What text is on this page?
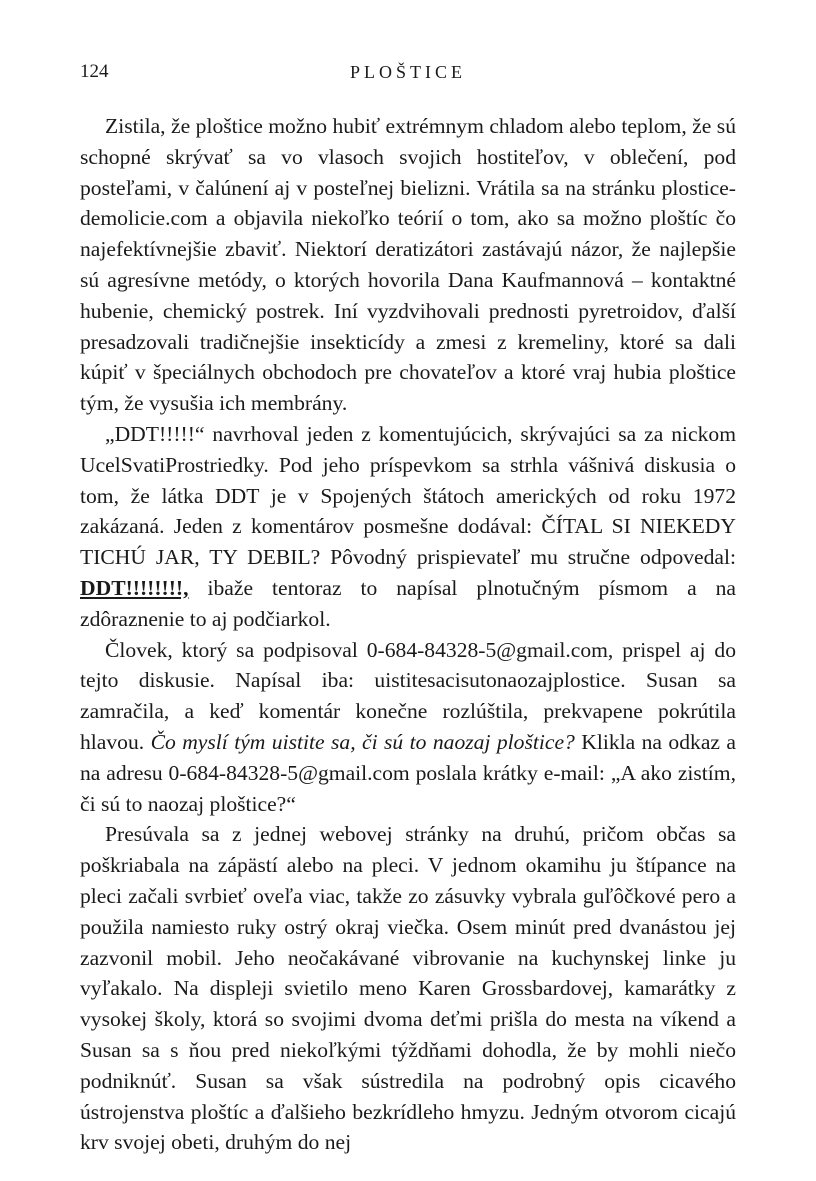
124	PLOŠTICE

Zistila, že ploštice možno hubiť extrémnym chladom alebo teplom, že sú schopné skrývať sa vo vlasoch svojich hostiteľov, v oblečení, pod posteľami, v čalúnení aj v posteľnej bielizni. Vrátila sa na stránku plostice-demolicie.com a objavila niekoľko teórií o tom, ako sa možno ploštíc čo najefektívnejšie zbaviť. Niektorí deratizátori zastávajú názor, že najlepšie sú agresívne metódy, o ktorých hovorila Dana Kaufmannová – kontaktné hubenie, chemický postrek. Iní vyzdvihovali prednosti pyretroidov, ďalší presadzovali tradičnejšie insekticídy a zmesi z kremeliny, ktoré sa dali kúpiť v špeciálnych obchodoch pre chovateľov a ktoré vraj hubia ploštice tým, že vysušia ich membrány.

„DDT!!!!!“ navrhoval jeden z komentujúcich, skrývajúci sa za nickom UcelSvatiProstriedky. Pod jeho príspevkom sa strhla vášnivá diskusia o tom, že látka DDT je v Spojených štátoch amerických od roku 1972 zakázaná. Jeden z komentárov posmešne dodával: ČÍTAL SI NIEKEDY TICHÚ JAR, TY DEBIL? Pôvodný prispievateľ mu stručne odpovedal: DDT!!!!!!!!, ibaže tentoraz to napísal plnotučným písmom a na zdôraznenie to aj podčiarkol.

Človek, ktorý sa podpisoval 0-684-84328-5@gmail.com, prispel aj do tejto diskusie. Napísal iba: uistitesacisutonaozajplostice. Susan sa zamračila, a keď komentár konečne rozlúštila, prekvapene pokrútila hlavou. Čo myslí tým uistite sa, či sú to naozaj ploštice? Klikla na odkaz a na adresu 0-684-84328-5@gmail.com poslala krátky e-mail: „A ako zistím, či sú to naozaj ploštice?“

Presúvala sa z jednej webovej stránky na druhú, pričom občas sa poškriabala na zápästí alebo na pleci. V jednom okamihu ju štípance na pleci začali svrbieť oveľa viac, takže zo zásuvky vybrala guľôčkové pero a použila namiesto ruky ostrý okraj viečka. Osem minút pred dvanástou jej zazvonil mobil. Jeho neočakávané vibrovanie na kuchynskej linke ju vyľakalo. Na displeji svietilo meno Karen Grossbardovej, kamarátky z vysokej školy, ktorá so svojimi dvoma deťmi prišla do mesta na víkend a Susan sa s ňou pred niekoľkými týždňami dohodla, že by mohli niečo podniknúť. Susan sa však sústredila na podrobný opis cicavého ústrojenstva ploštíc a ďalšieho bezkrídleho hmyzu. Jedným otvorom cicajú krv svojej obeti, druhým do nej
